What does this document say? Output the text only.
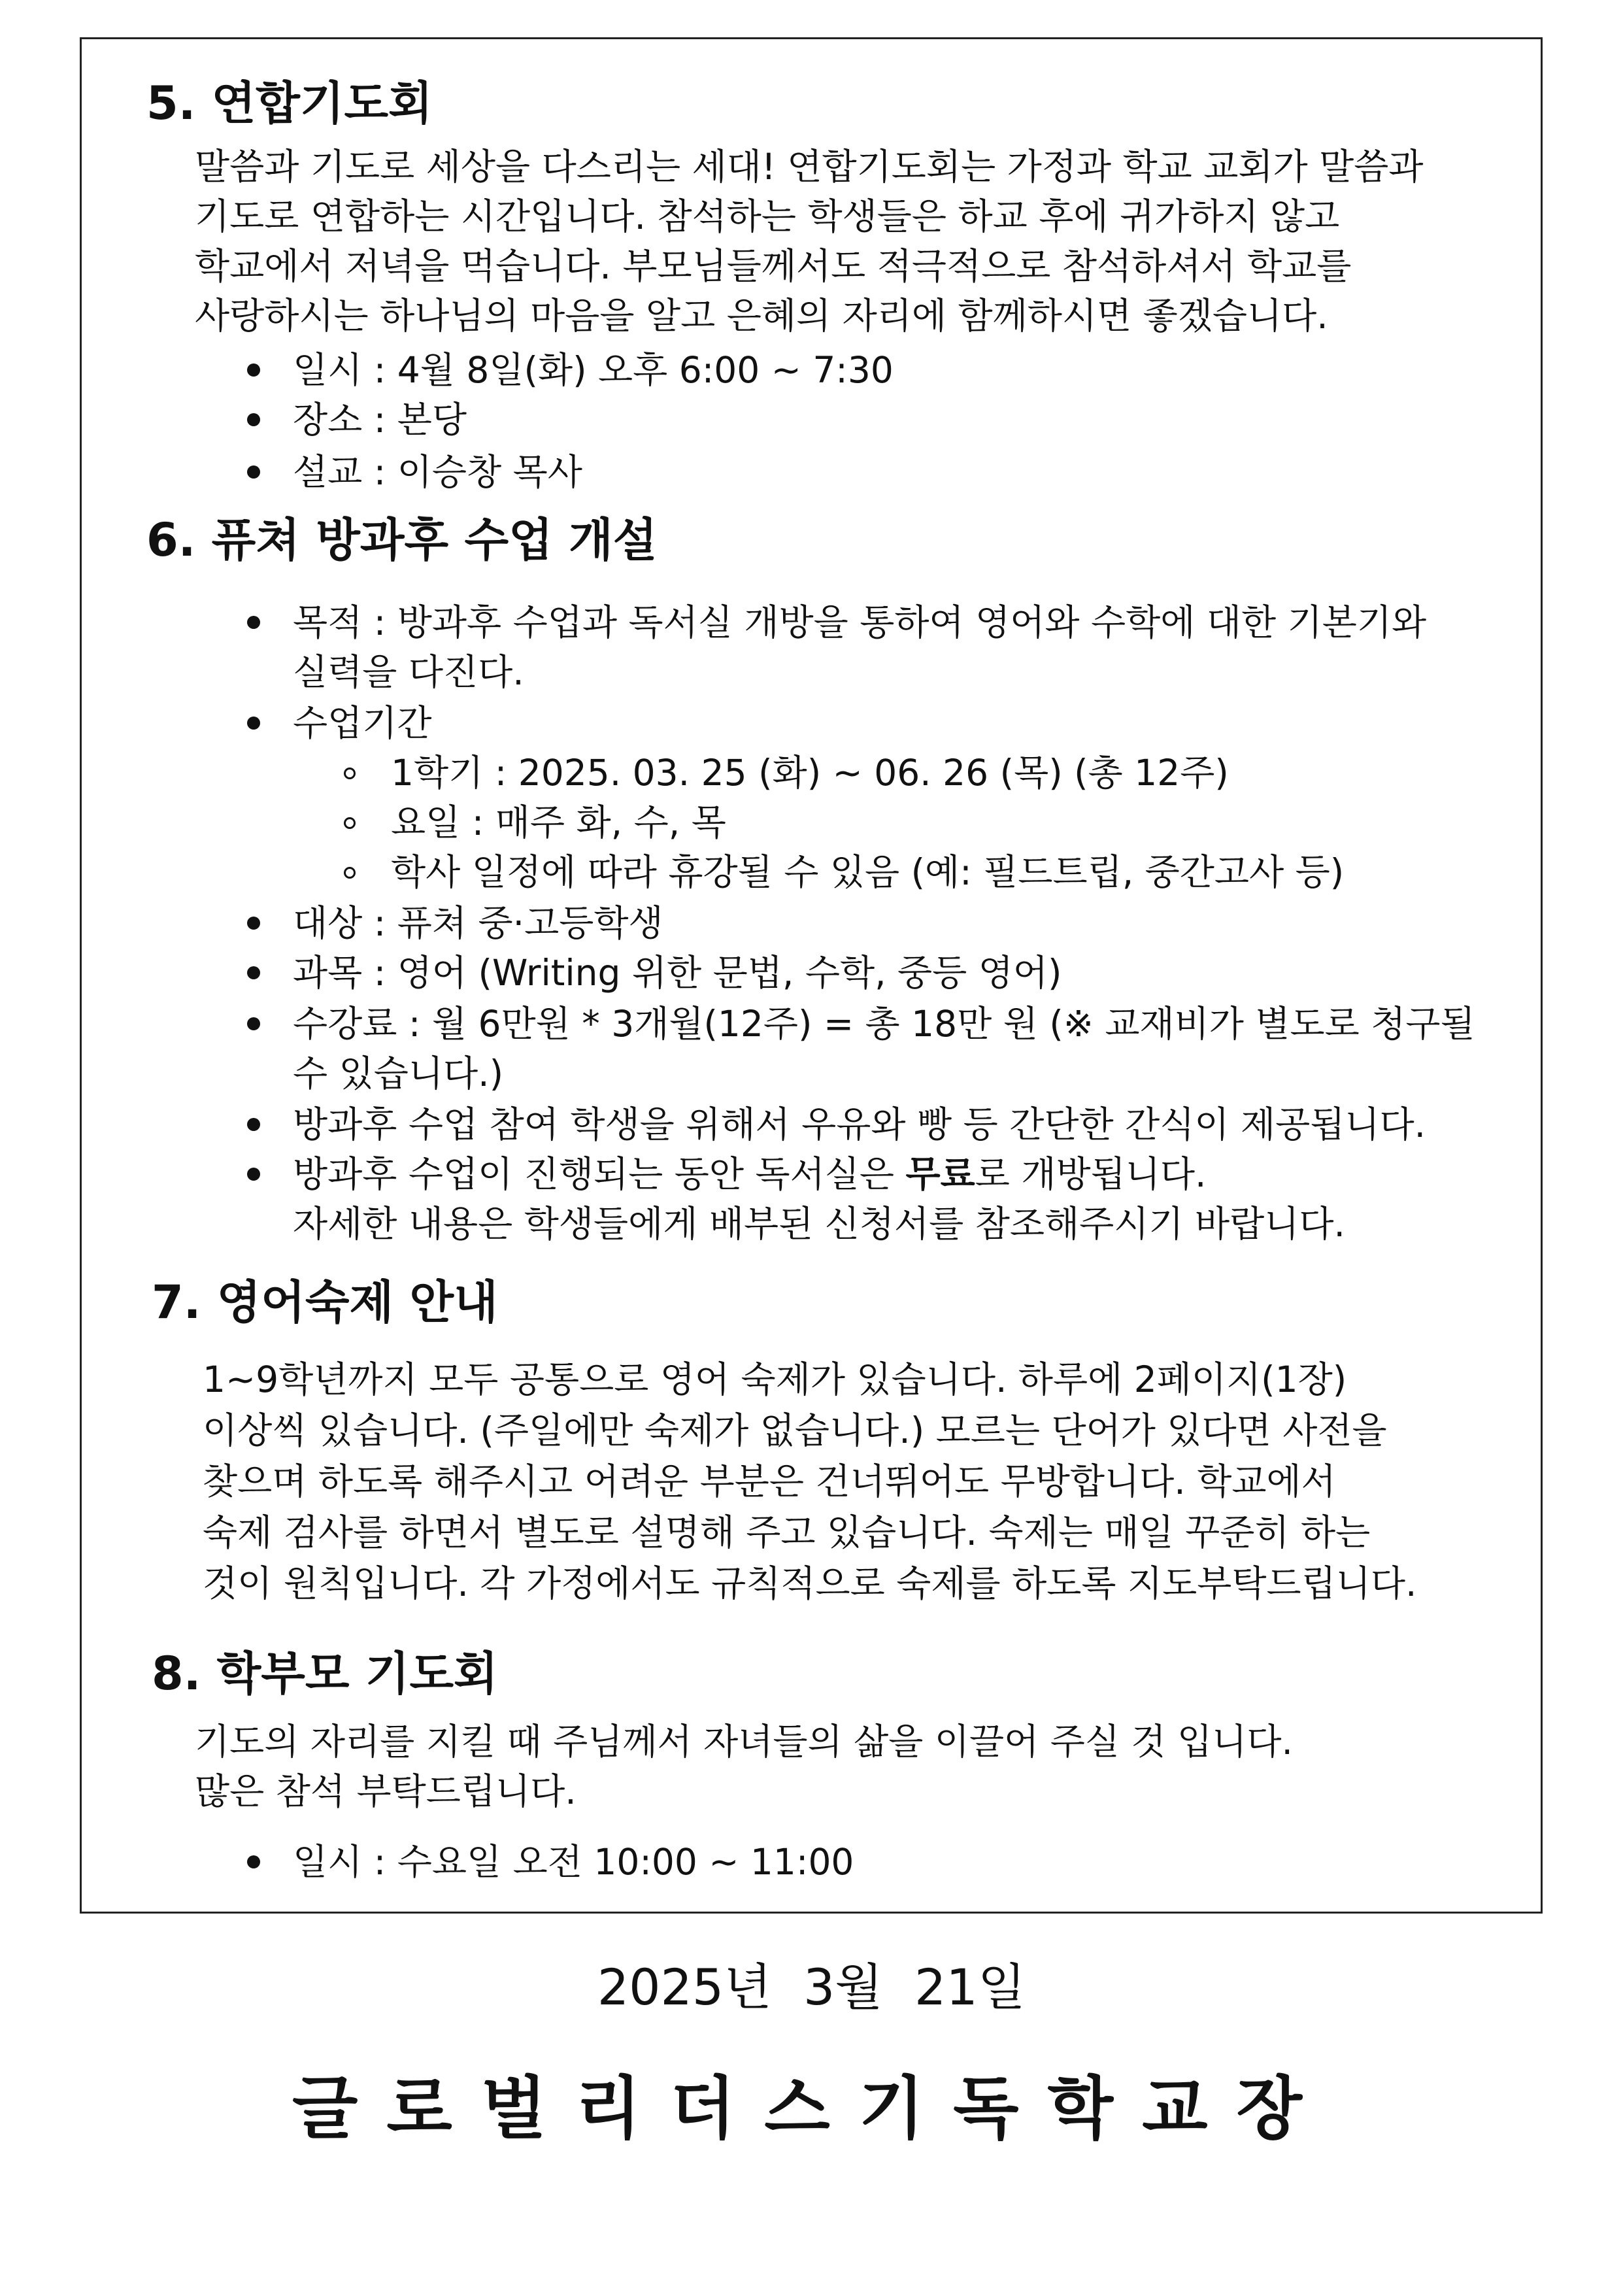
5. 연합기도회
말씀과 기도로 세상을 다스리는 세대! 연합기도회는 가정과 학교 교회가 말씀과
기도로 연합하는 시간입니다. 참석하는 학생들은 하교 후에 귀가하지 않고
학교에서 저녁을 먹습니다. 부모님들께서도 적극적으로 참석하셔서 학교를
사랑하시는 하나님의 마음을 알고 은혜의 자리에 함께하시면 좋겠습니다.
일시 : 4월 8일(화) 오후 6:00 ~ 7:30
장소 : 본당
설교 : 이승창 목사
6. 퓨쳐 방과후 수업 개설
목적 : 방과후 수업과 독서실 개방을 통하여 영어와 수학에 대한 기본기와
실력을 다진다.
수업기간
1학기 : 2025. 03. 25 (화) ~ 06. 26 (목) (총 12주)
요일 : 매주 화, 수, 목
학사 일정에 따라 휴강될 수 있음 (예: 필드트립, 중간고사 등)
대상 : 퓨쳐 중·고등학생
과목 : 영어 (Writing 위한 문법, 수학, 중등 영어)
수강료 : 월 6만원 * 3개월(12주) = 총 18만 원 (※ 교재비가 별도로 청구될
수 있습니다.)
방과후 수업 참여 학생을 위해서 우유와 빵 등 간단한 간식이 제공됩니다.
방과후 수업이 진행되는 동안 독서실은 무료로 개방됩니다.
자세한 내용은 학생들에게 배부된 신청서를 참조해주시기 바랍니다.
7. 영어숙제 안내
1~9학년까지 모두 공통으로 영어 숙제가 있습니다. 하루에 2페이지(1장)
이상씩 있습니다. (주일에만 숙제가 없습니다.) 모르는 단어가 있다면 사전을
찾으며 하도록 해주시고 어려운 부분은 건너뛰어도 무방합니다. 학교에서
숙제 검사를 하면서 별도로 설명해 주고 있습니다. 숙제는 매일 꾸준히 하는
것이 원칙입니다. 각 가정에서도 규칙적으로 숙제를 하도록 지도부탁드립니다.
8. 학부모 기도회
기도의 자리를 지킬 때 주님께서 자녀들의 삶을 이끌어 주실 것 입니다.
많은 참석 부탁드립니다.
일시 : 수요일 오전 10:00 ~ 11:00
2025년  3월  21일
글로벌리더스기독학교장
